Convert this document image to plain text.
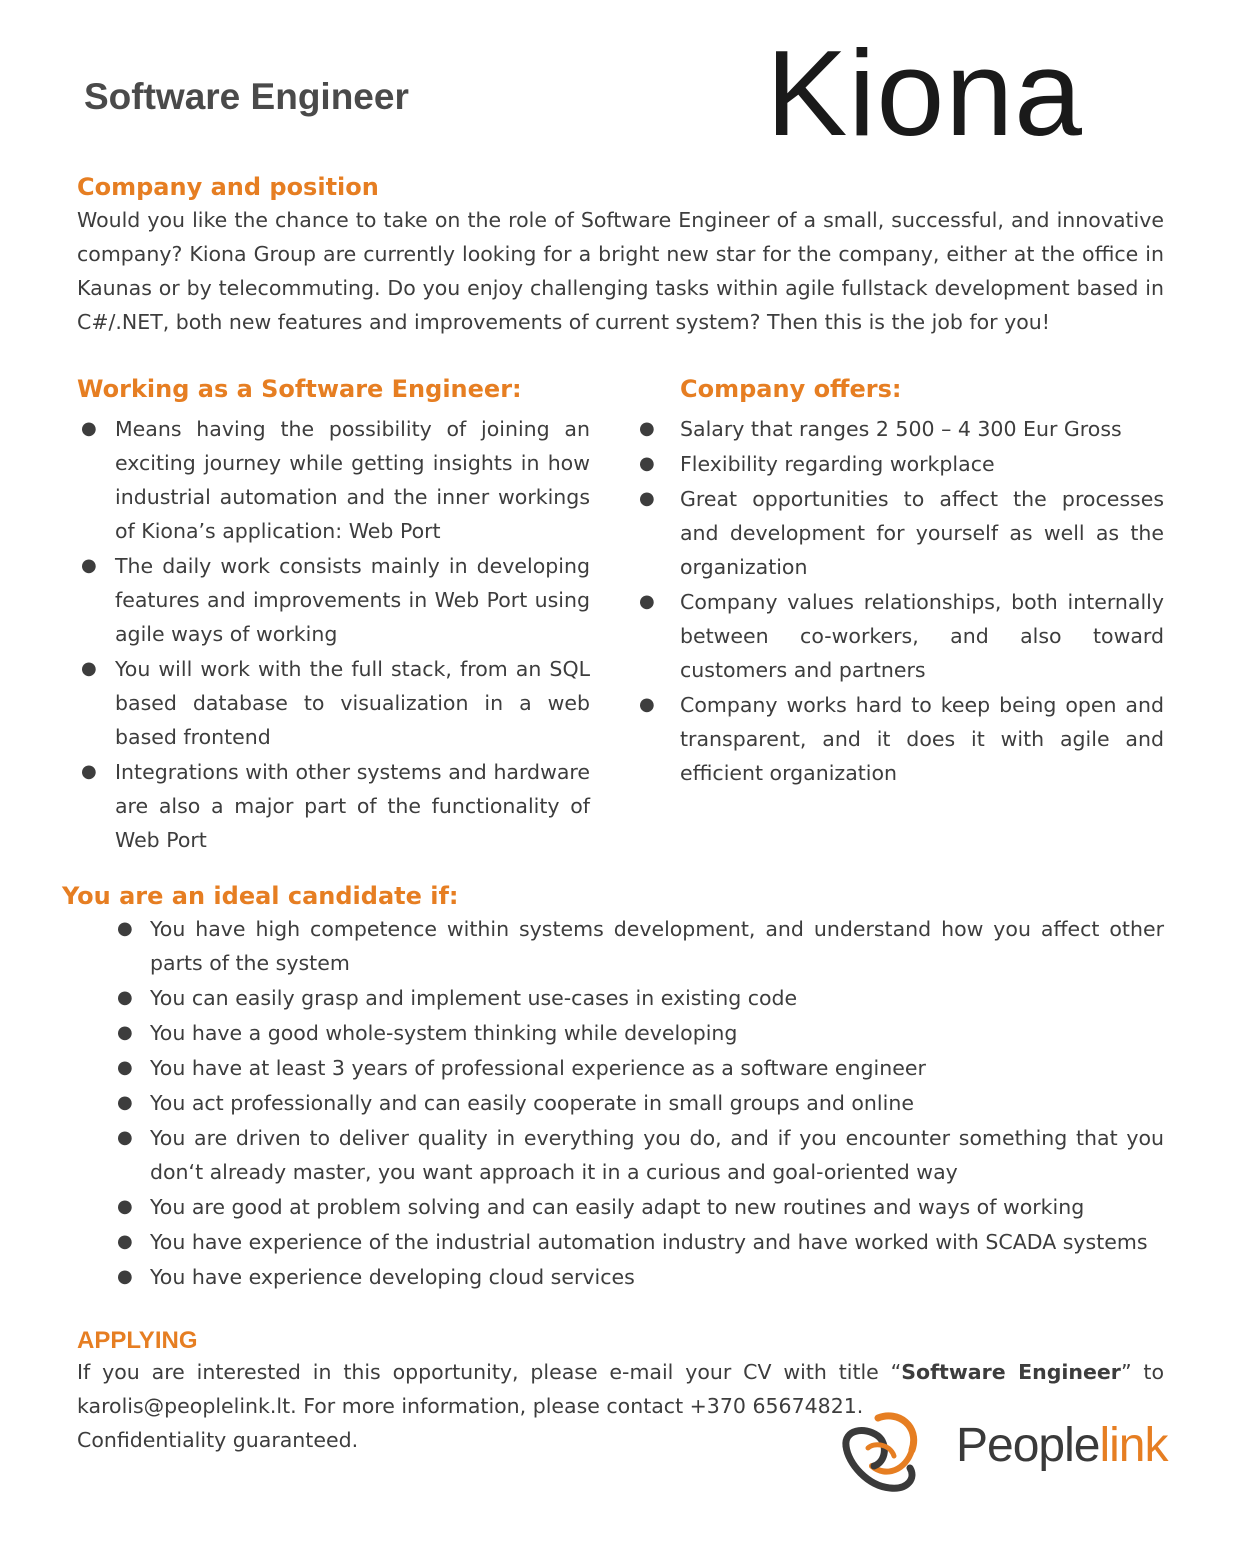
Software Engineer	Kiona
Company and position

Would you like the chance to take on the role of Software Engineer of a small, successful, and innovative company? Kiona Group are currently looking for a bright new star for the company, either at the office in Kaunas or by telecommuting. Do you enjoy challenging tasks within agile fullstack development based in C#/.NET, both new features and improvements of current system? Then this is the job for you!

Working as a Software Engineer:
● Means having the possibility of joining an exciting journey while getting insights in how industrial automation and the inner workings of Kiona’s application: Web Port
● The daily work consists mainly in developing features and improvements in Web Port using agile ways of working
● You will work with the full stack, from an SQL based database to visualization in a web based frontend
● Integrations with other systems and hardware are also a major part of the functionality of Web Port
Company offers:
● Salary that ranges 2 500 – 4 300 Eur Gross
● Flexibility regarding workplace
● Great opportunities to affect the processes and development for yourself as well as the organization
● Company values relationships, both internally between co-workers, and also toward customers and partners
● Company works hard to keep being open and transparent, and it does it with agile and efficient organization
You are an ideal candidate if:
● You have high competence within systems development, and understand how you affect other parts of the system
● You can easily grasp and implement use-cases in existing code
● You have a good whole-system thinking while developing
● You have at least 3 years of professional experience as a software engineer
● You act professionally and can easily cooperate in small groups and online
● You are driven to deliver quality in everything you do, and if you encounter something that you don‘t already master, you want approach it in a curious and goal-oriented way
● You are good at problem solving and can easily adapt to new routines and ways of working
● You have experience of the industrial automation industry and have worked with SCADA systems
● You have experience developing cloud services
APPLYING
If you are interested in this opportunity, please e-mail your CV with title “Software Engineer” to
karolis@peoplelink.lt. For more information, please contact +370 65674821.
Confidentiality guaranteed.	Peoplelink
